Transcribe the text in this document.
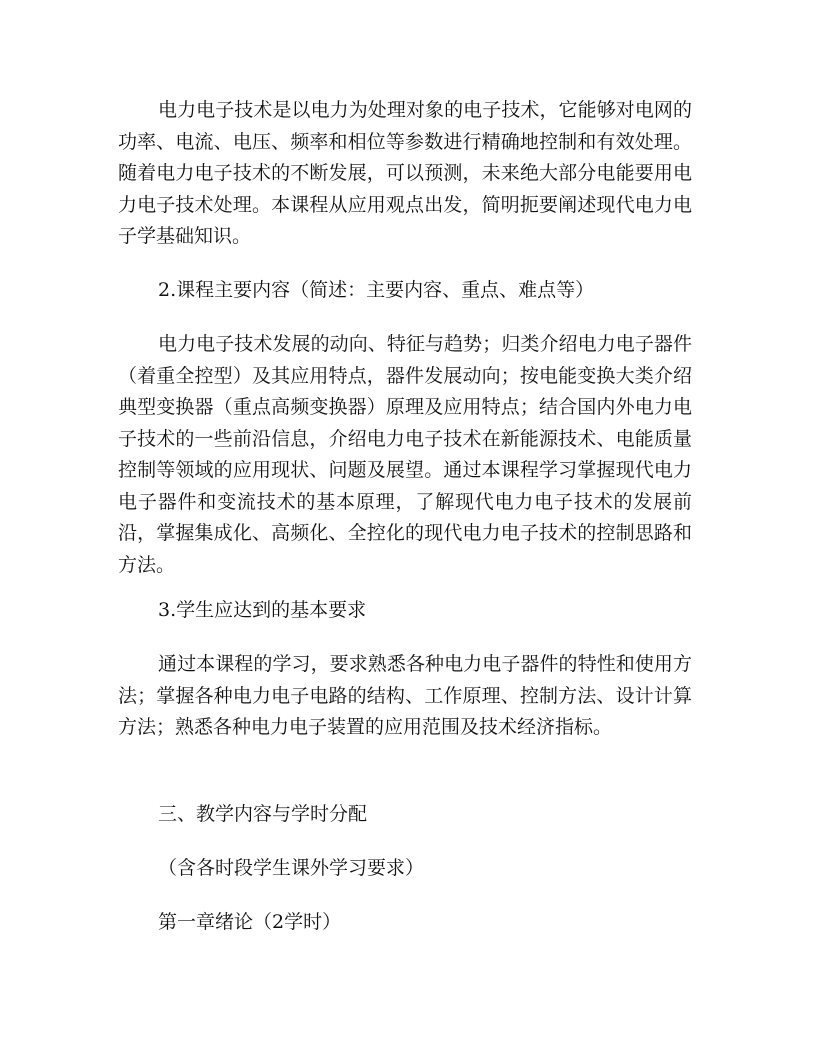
电力电子技术是以电力为处理对象的电子技术，它能够对电网的功率、电流、电压、频率和相位等参数进行精确地控制和有效处理。随着电力电子技术的不断发展，可以预测，未来绝大部分电能要用电力电子技术处理。本课程从应用观点出发，简明扼要阐述现代电力电子学基础知识。

2.课程主要内容（简述：主要内容、重点、难点等）

电力电子技术发展的动向、特征与趋势；归类介绍电力电子器件（着重全控型）及其应用特点，器件发展动向；按电能变换大类介绍典型变换器（重点高频变换器）原理及应用特点；结合国内外电力电子技术的一些前沿信息，介绍电力电子技术在新能源技术、电能质量控制等领域的应用现状、问题及展望。通过本课程学习掌握现代电力电子器件和变流技术的基本原理，了解现代电力电子技术的发展前沿，掌握集成化、高频化、全控化的现代电力电子技术的控制思路和方法。

3.学生应达到的基本要求

通过本课程的学习，要求熟悉各种电力电子器件的特性和使用方法；掌握各种电力电子电路的结构、工作原理、控制方法、设计计算方法；熟悉各种电力电子装置的应用范围及技术经济指标。

三、教学内容与学时分配

（含各时段学生课外学习要求）

第一章绪论（2学时）
